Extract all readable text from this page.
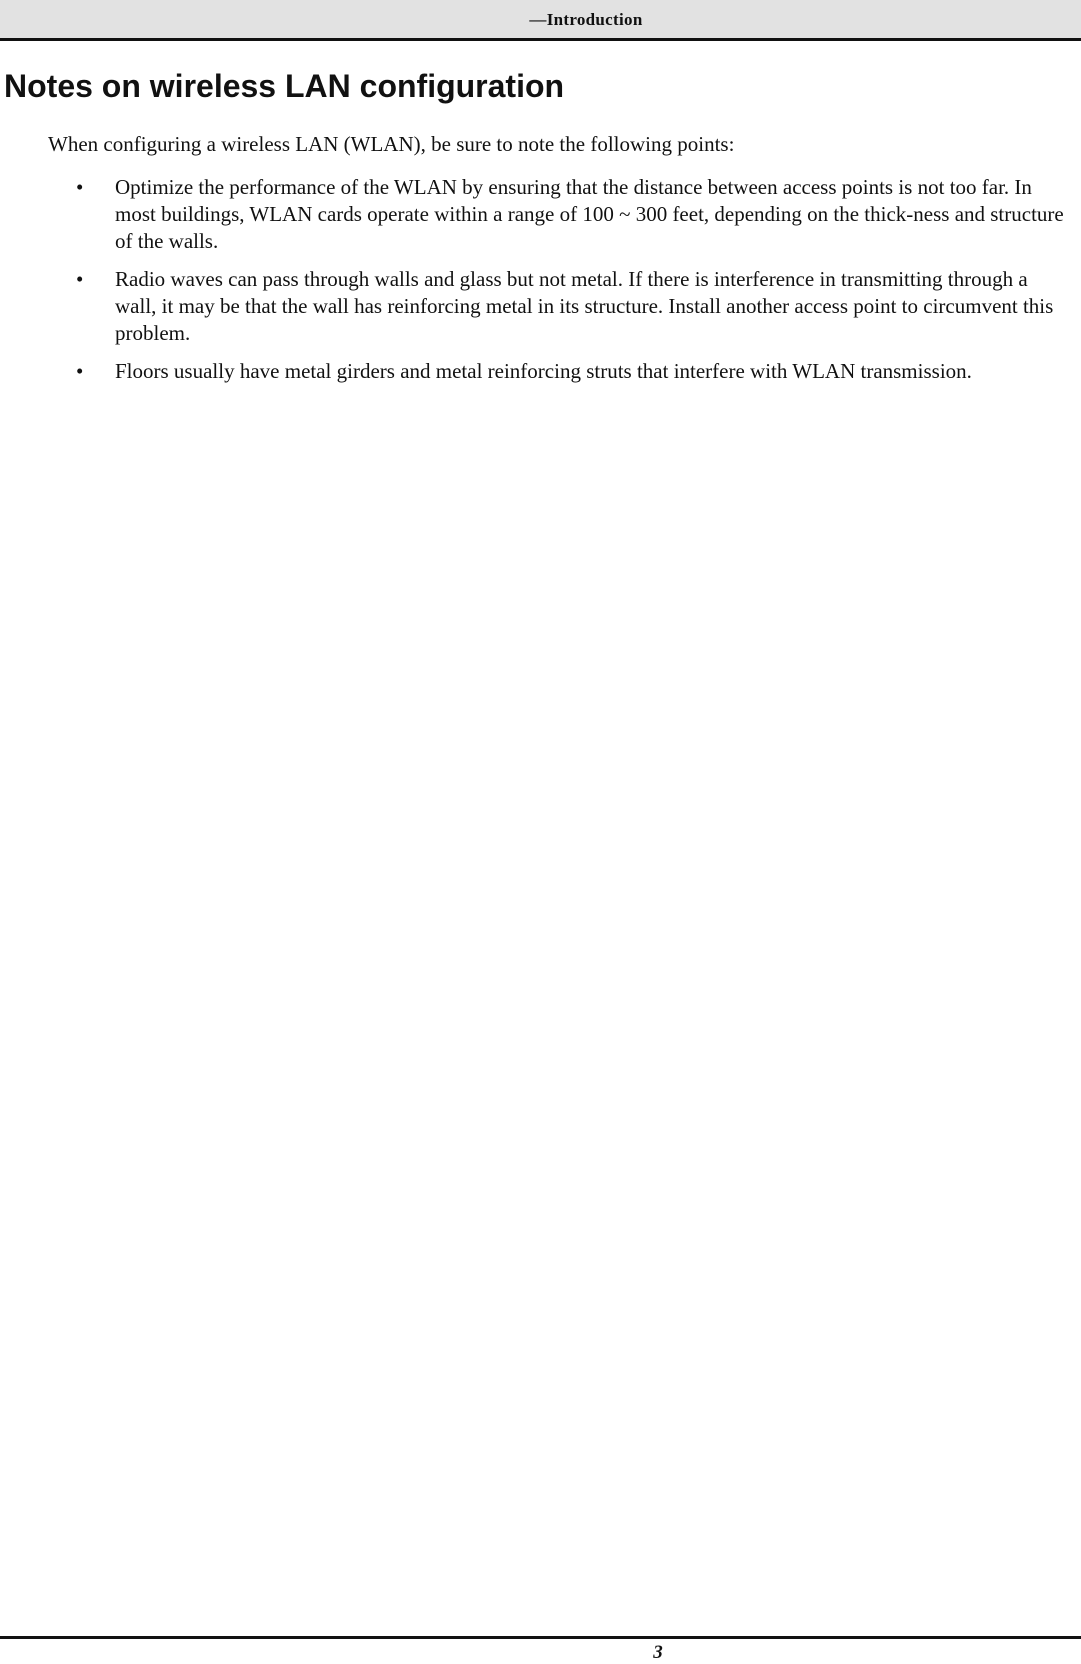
—Introduction
Notes on wireless LAN configuration

When configuring a wireless LAN (WLAN), be sure to note the following points:

• Optimize the performance of the WLAN by ensuring that the distance between access points is not too far. In most buildings, WLAN cards operate within a range of 100 ~ 300 feet, depending on the thick-ness and structure of the walls.
• Radio waves can pass through walls and glass but not metal. If there is interference in transmitting through a wall, it may be that the wall has reinforcing metal in its structure. Install another access point to circumvent this problem.
• Floors usually have metal girders and metal reinforcing struts that interfere with WLAN transmission.
3
